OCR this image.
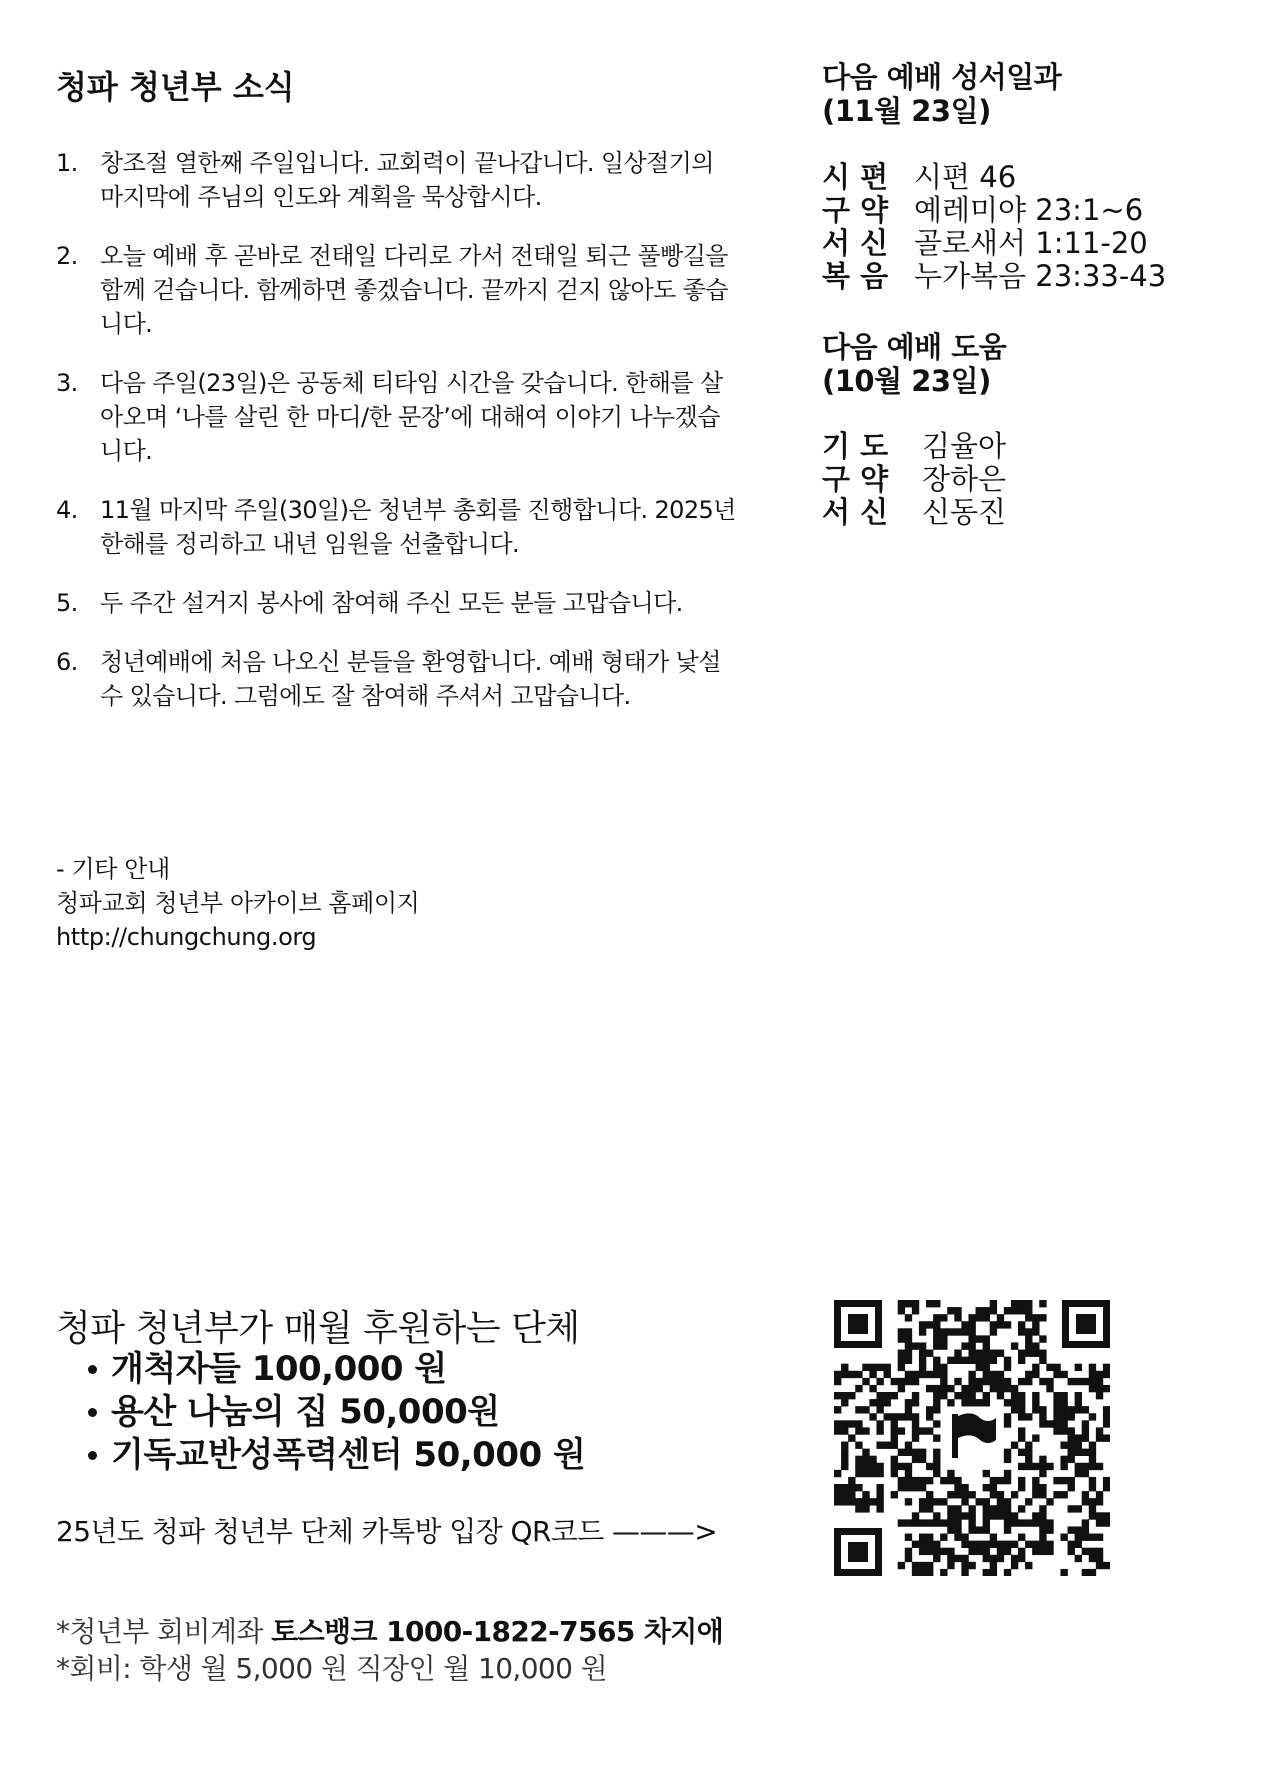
청파 청년부 소식
1. 창조절 열한째 주일입니다. 교회력이 끝나갑니다. 일상절기의 마지막에 주님의 인도와 계획을 묵상합시다.
2. 오늘 예배 후 곧바로 전태일 다리로 가서 전태일 퇴근 풀빵길을 함께 걷습니다. 함께하면 좋겠습니다. 끝까지 걷지 않아도 좋습니다.
3. 다음 주일(23일)은 공동체 티타임 시간을 갖습니다. 한해를 살아오며 ‘나를 살린 한 마디/한 문장’에 대해여 이야기 나누겠습니다.
4. 11월 마지막 주일(30일)은 청년부 총회를 진행합니다. 2025년 한해를 정리하고 내년 임원을 선출합니다.
5. 두 주간 설거지 봉사에 참여해 주신 모든 분들 고맙습니다.
6. 청년예배에 처음 나오신 분들을 환영합니다. 예배 형태가 낯설 수 있습니다. 그럼에도 잘 참여해 주셔서 고맙습니다.
- 기타 안내
청파교회 청년부 아카이브 홈페이지
http://chungchung.org
다음 예배 성서일과
(11월 23일)
시 편 시편 46
구 약 예레미야 23:1~6
서 신 골로새서 1:11-20
복 음 누가복음 23:33-43
다음 예배 도움
(10월 23일)
기 도	김율아
구 약	장하은
서 신	신동진
청파 청년부가 매월 후원하는 단체
개척자들 100,000 원
용산 나눔의 집 50,000원
기독교반성폭력센터 50,000 원
25년도 청파 청년부 단체 카톡방 입장 QR코드 ———>
*청년부 회비계좌 토스뱅크 1000-1822-7565 차지애
*회비: 학생 월 5,000 원 직장인 월 10,000 원
